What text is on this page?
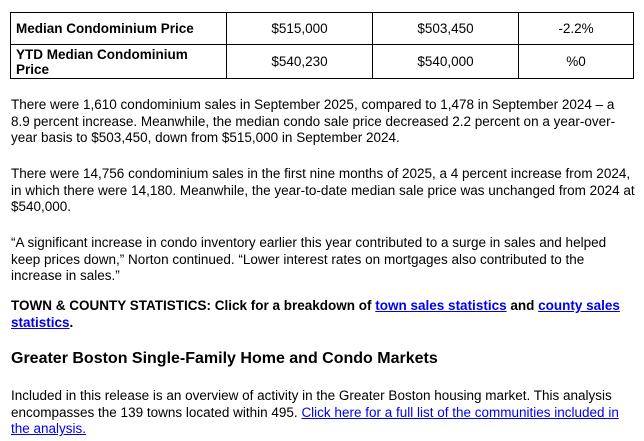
Median Condominium Price	$515,000	$503,450	-2.2%
YTD Median Condominium Price	$540,230	$540,000	%0

There were 1,610 condominium sales in September 2025, compared to 1,478 in September 2024 – a 8.9 percent increase. Meanwhile, the median condo sale price decreased 2.2 percent on a year-over-year basis to $503,450, down from $515,000 in September 2024.

There were 14,756 condominium sales in the first nine months of 2025, a 4 percent increase from 2024, in which there were 14,180. Meanwhile, the year-to-date median sale price was unchanged from 2024 at $540,000.

“A significant increase in condo inventory earlier this year contributed to a surge in sales and helped keep prices down,” Norton continued. “Lower interest rates on mortgages also contributed to the increase in sales.”

TOWN & COUNTY STATISTICS: Click for a breakdown of town sales statistics and county sales statistics.

Greater Boston Single-Family Home and Condo Markets

Included in this release is an overview of activity in the Greater Boston housing market. This analysis encompasses the 139 towns located within 495. Click here for a full list of the communities included in the analysis.
